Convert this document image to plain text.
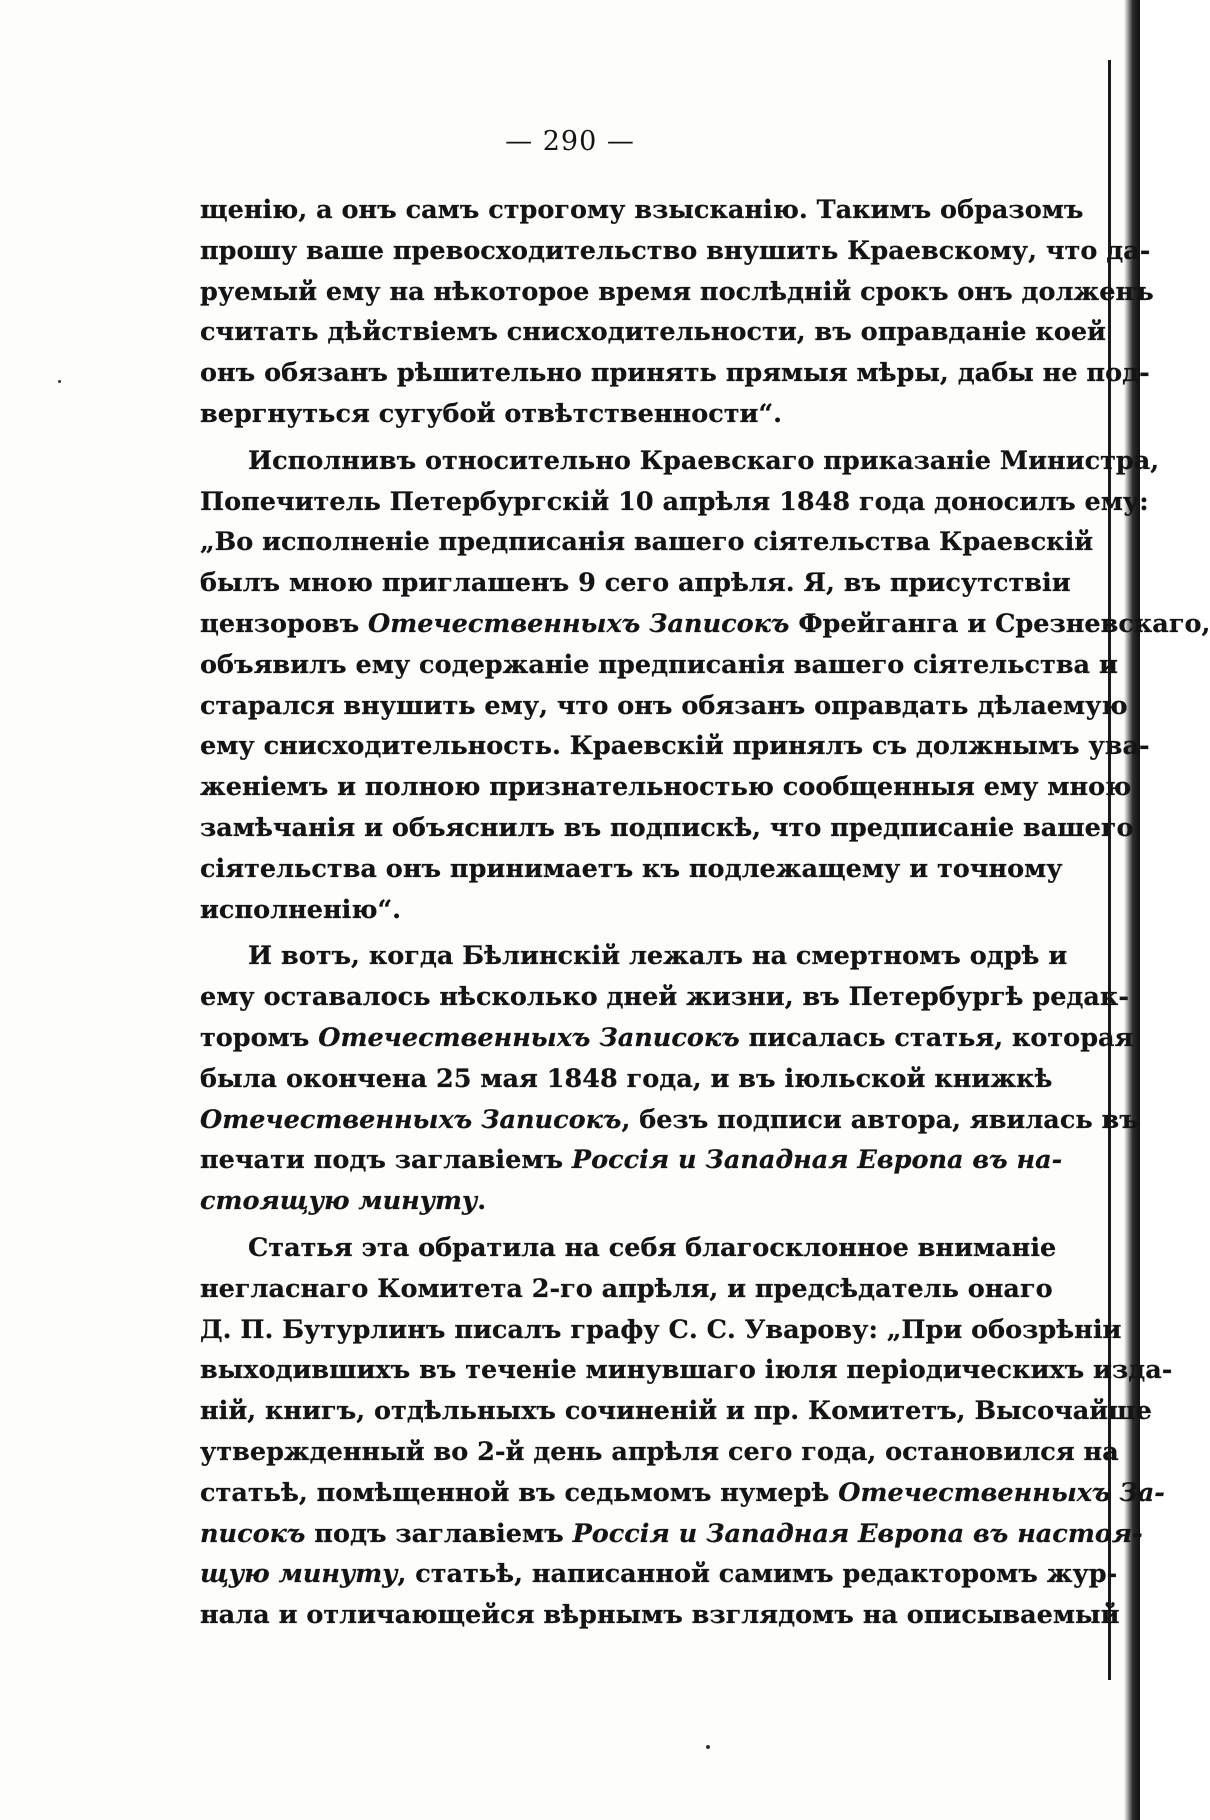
— 290 —
щенію, а онъ самъ строгому взысканію. Такимъ образомъ
прошу ваше превосходительство внушить Краевскому, что да-
руемый ему на нѣкоторое время послѣдній срокъ онъ долженъ
считать дѣйствіемъ снисходительности, въ оправданіе коей
онъ обязанъ рѣшительно принять прямыя мѣры, дабы не под-
вергнуться сугубой отвѣтственности“.
Исполнивъ относительно Краевскаго приказаніе Министра,
Попечитель Петербургскій 10 апрѣля 1848 года доносилъ ему:
„Во исполненіе предписанія вашего сіятельства Краевскій
былъ мною приглашенъ 9 сего апрѣля. Я, въ присутствіи
цензоровъ Отечественныхъ Записокъ Фрейганга и Срезневскаго,
объявилъ ему содержаніе предписанія вашего сіятельства и
старался внушить ему, что онъ обязанъ оправдать дѣлаемую
ему снисходительность. Краевскій принялъ съ должнымъ ува-
женіемъ и полною признательностью сообщенныя ему мною
замѣчанія и объяснилъ въ подпискѣ, что предписаніе вашего
сіятельства онъ принимаетъ къ подлежащему и точному
исполненію“.
И вотъ, когда Бѣлинскій лежалъ на смертномъ одрѣ и
ему оставалось нѣсколько дней жизни, въ Петербургѣ редак-
торомъ Отечественныхъ Записокъ писалась статья, которая
была окончена 25 мая 1848 года, и въ іюльской книжкѣ
Отечественныхъ Записокъ, безъ подписи автора, явилась въ
печати подъ заглавіемъ Россія и Западная Европа въ на-
стоящую минуту.
Статья эта обратила на себя благосклонное вниманіе
негласнаго Комитета 2-го апрѣля, и предсѣдатель онаго
Д. П. Бутурлинъ писалъ графу С. С. Уварову: „При обозрѣніи
выходившихъ въ теченіе минувшаго іюля періодическихъ изда-
ній, книгъ, отдѣльныхъ сочиненій и пр. Комитетъ, Высочайше
утвержденный во 2-й день апрѣля сего года, остановился на
статьѣ, помѣщенной въ седьмомъ нумерѣ Отечественныхъ За-
писокъ подъ заглавіемъ Россія и Западная Европа въ настоя-
щую минуту, статьѣ, написанной самимъ редакторомъ жур-
нала и отличающейся вѣрнымъ взглядомъ на описываемый
